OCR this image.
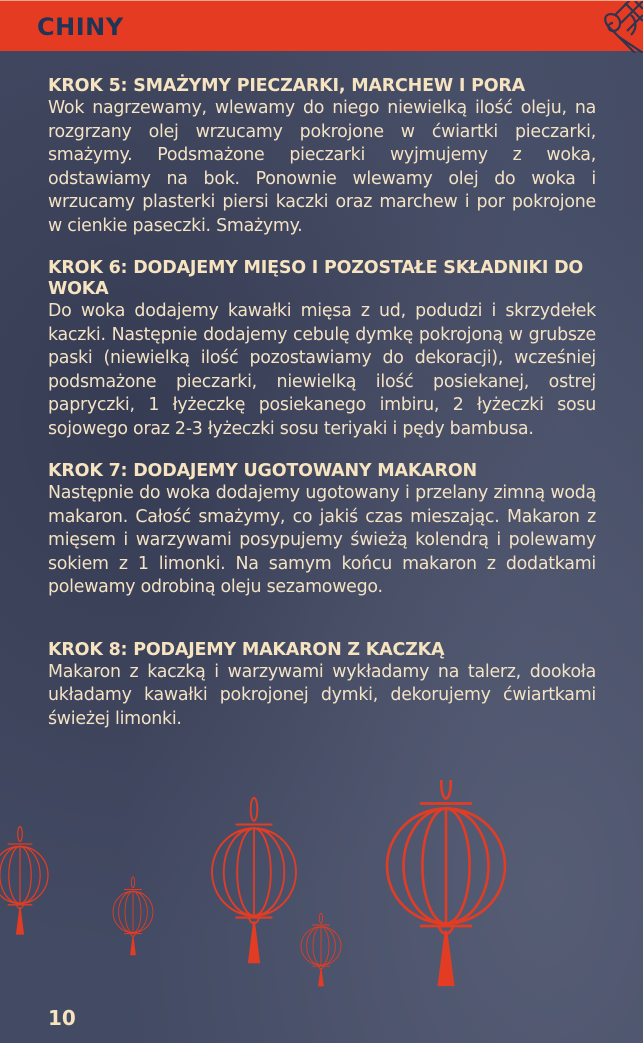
CHINY
KROK 5: SMAŻYMY PIECZARKI, MARCHEW I PORA
Wok nagrzewamy, wlewamy do niego niewielką ilość oleju, na rozgrzany olej wrzucamy pokrojone w ćwiartki pieczarki, smażymy. Podsmażone pieczarki wyjmujemy z woka, odstawiamy na bok. Ponownie wlewamy olej do woka i wrzucamy plasterki piersi kaczki oraz marchew i por pokrojone w cienkie paseczki. Smażymy.
KROK 6: DODAJEMY MIĘSO I POZOSTAŁE SKŁADNIKI DO WOKA
Do woka dodajemy kawałki mięsa z ud, podudzi i skrzydełek kaczki. Następnie dodajemy cebulę dymkę pokrojoną w grubsze paski (niewielką ilość pozostawiamy do dekoracji), wcześniej podsmażone pieczarki, niewielką ilość posiekanej, ostrej papryczki, 1 łyżeczkę posiekanego imbiru, 2 łyżeczki sosu sojowego oraz 2-3 łyżeczki sosu teriyaki i pędy bambusa.
KROK 7: DODAJEMY UGOTOWANY MAKARON
Następnie do woka dodajemy ugotowany i przelany zimną wodą makaron. Całość smażymy, co jakiś czas mieszając. Makaron z mięsem i warzywami posypujemy świeżą kolendrą i polewamy sokiem z 1 limonki. Na samym końcu makaron z dodatkami polewamy odrobiną oleju sezamowego.
KROK 8: PODAJEMY MAKARON Z KACZKĄ
Makaron z kaczką i warzywami wykładamy na talerz, dookoła układamy kawałki pokrojonej dymki, dekorujemy ćwiartkami świeżej limonki.
10
